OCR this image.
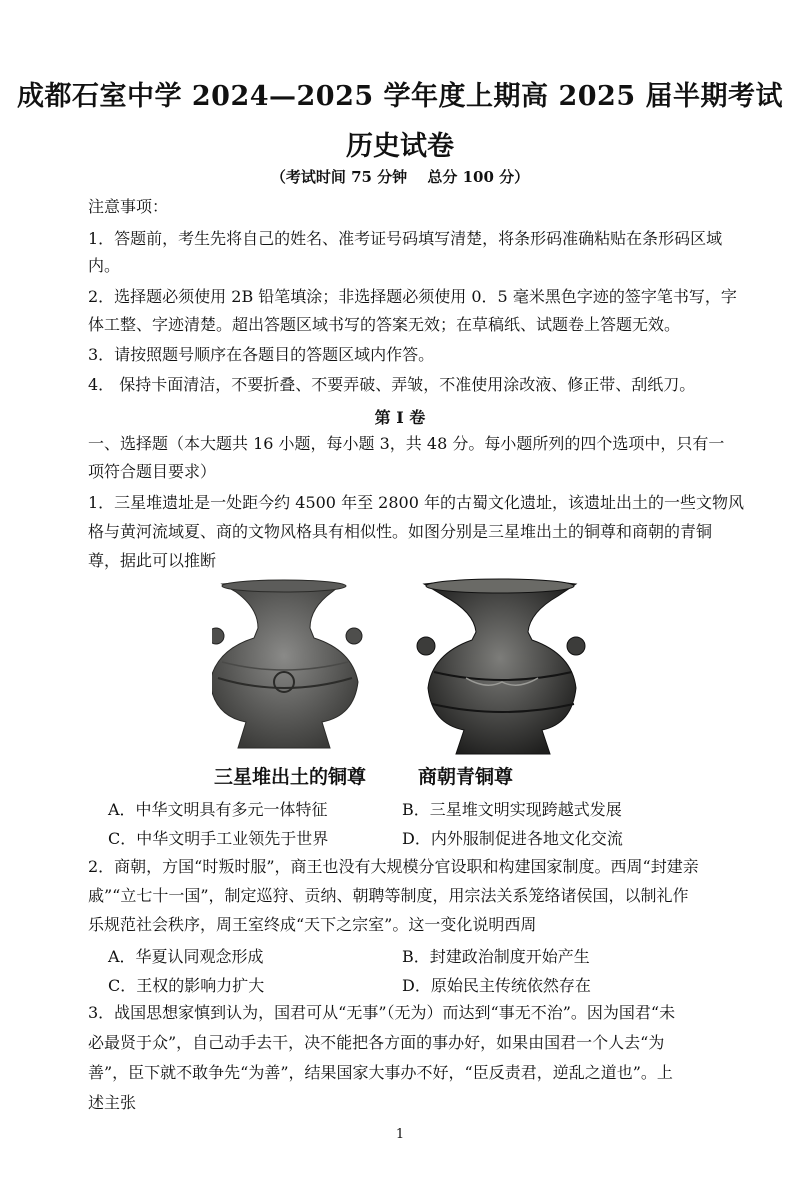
成都石室中学 2024—2025 学年度上期高 2025 届半期考试
历史试卷
（考试时间 75 分钟　 总分 100 分）
注意事项：
1．答题前，考生先将自己的姓名、准考证号码填写清楚，将条形码准确粘贴在条形码区域
内。
2．选择题必须使用 2B 铅笔填涂；非选择题必须使用 0．5 毫米黑色字迹的签字笔书写，字
体工整、字迹清楚。超出答题区域书写的答案无效；在草稿纸、试题卷上答题无效。
3．请按照题号顺序在各题目的答题区域内作答。
4． 保持卡面清洁，不要折叠、不要弄破、弄皱，不准使用涂改液、修正带、刮纸刀。
第 Ⅰ 卷
一、选择题（本大题共 16 小题，每小题 3，共 48 分。每小题所列的四个选项中，只有一
项符合题目要求）
1．三星堆遗址是一处距今约 4500 年至 2800 年的古蜀文化遗址，该遗址出土的一些文物风
格与黄河流域夏、商的文物风格具有相似性。如图分别是三星堆出土的铜尊和商朝的青铜
尊，据此可以推断
三星堆出土的铜尊	商朝青铜尊
A．中华文明具有多元一体特征	B．三星堆文明实现跨越式发展
C．中华文明手工业领先于世界	D．内外服制促进各地文化交流
2．商朝，方国“时叛时服”，商王也没有大规模分官设职和构建国家制度。西周“封建亲
戚”“立七十一国”，制定巡狩、贡纳、朝聘等制度，用宗法关系笼络诸侯国，以制礼作
乐规范社会秩序，周王室终成“天下之宗室”。这一变化说明西周
A．华夏认同观念形成	B．封建政治制度开始产生
C．王权的影响力扩大	D．原始民主传统依然存在
3．战国思想家慎到认为，国君可从“无事”（无为）而达到“事无不治”。因为国君“未
必最贤于众”，自己动手去干，决不能把各方面的事办好，如果由国君一个人去“为
善”，臣下就不敢争先“为善”，结果国家大事办不好，“臣反责君，逆乱之道也”。上
述主张
1
